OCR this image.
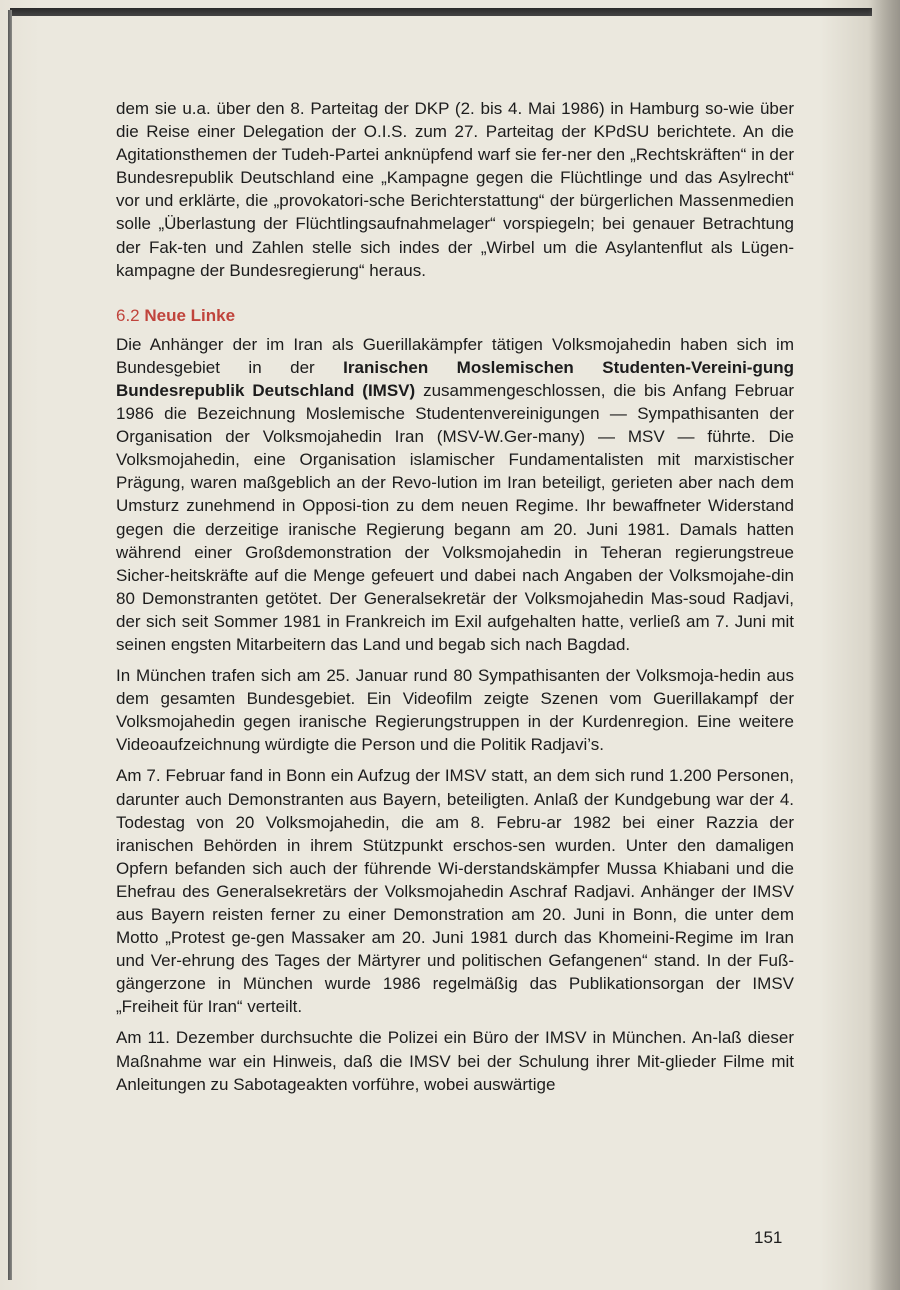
dem sie u.a. über den 8. Parteitag der DKP (2. bis 4. Mai 1986) in Hamburg so-wie über die Reise einer Delegation der O.I.S. zum 27. Parteitag der KPdSU berichtete. An die Agitationsthemen der Tudeh-Partei anknüpfend warf sie fer-ner den „Rechtskräften“ in der Bundesrepublik Deutschland eine „Kampagne gegen die Flüchtlinge und das Asylrecht“ vor und erklärte, die „provokatori-sche Berichterstattung“ der bürgerlichen Massenmedien solle „Überlastung der Flüchtlingsaufnahmelager“ vorspiegeln; bei genauer Betrachtung der Fak-ten und Zahlen stelle sich indes der „Wirbel um die Asylantenflut als Lügen-kampagne der Bundesregierung“ heraus.

6.2 Neue Linke

Die Anhänger der im Iran als Guerillakämpfer tätigen Volksmojahedin haben sich im Bundesgebiet in der Iranischen Moslemischen Studenten-Vereini-gung Bundesrepublik Deutschland (IMSV) zusammengeschlossen, die bis Anfang Februar 1986 die Bezeichnung Moslemische Studentenvereinigungen — Sympathisanten der Organisation der Volksmojahedin Iran (MSV-W.Ger-many) — MSV — führte. Die Volksmojahedin, eine Organisation islamischer Fundamentalisten mit marxistischer Prägung, waren maßgeblich an der Revo-lution im Iran beteiligt, gerieten aber nach dem Umsturz zunehmend in Opposi-tion zu dem neuen Regime. Ihr bewaffneter Widerstand gegen die derzeitige iranische Regierung begann am 20. Juni 1981. Damals hatten während einer Großdemonstration der Volksmojahedin in Teheran regierungstreue Sicher-heitskräfte auf die Menge gefeuert und dabei nach Angaben der Volksmojahe-din 80 Demonstranten getötet. Der Generalsekretär der Volksmojahedin Mas-soud Radjavi, der sich seit Sommer 1981 in Frankreich im Exil aufgehalten hatte, verließ am 7. Juni mit seinen engsten Mitarbeitern das Land und begab sich nach Bagdad.

In München trafen sich am 25. Januar rund 80 Sympathisanten der Volksmoja-hedin aus dem gesamten Bundesgebiet. Ein Videofilm zeigte Szenen vom Guerillakampf der Volksmojahedin gegen iranische Regierungstruppen in der Kurdenregion. Eine weitere Videoaufzeichnung würdigte die Person und die Politik Radjavi’s.

Am 7. Februar fand in Bonn ein Aufzug der IMSV statt, an dem sich rund 1.200 Personen, darunter auch Demonstranten aus Bayern, beteiligten. Anlaß der Kundgebung war der 4. Todestag von 20 Volksmojahedin, die am 8. Febru-ar 1982 bei einer Razzia der iranischen Behörden in ihrem Stützpunkt erschos-sen wurden. Unter den damaligen Opfern befanden sich auch der führende Wi-derstandskämpfer Mussa Khiabani und die Ehefrau des Generalsekretärs der Volksmojahedin Aschraf Radjavi. Anhänger der IMSV aus Bayern reisten ferner zu einer Demonstration am 20. Juni in Bonn, die unter dem Motto „Protest ge-gen Massaker am 20. Juni 1981 durch das Khomeini-Regime im Iran und Ver-ehrung des Tages der Märtyrer und politischen Gefangenen“ stand. In der Fuß-gängerzone in München wurde 1986 regelmäßig das Publikationsorgan der IMSV „Freiheit für Iran“ verteilt.

Am 11. Dezember durchsuchte die Polizei ein Büro der IMSV in München. An-laß dieser Maßnahme war ein Hinweis, daß die IMSV bei der Schulung ihrer Mit-glieder Filme mit Anleitungen zu Sabotageakten vorführe, wobei auswärtige

151
